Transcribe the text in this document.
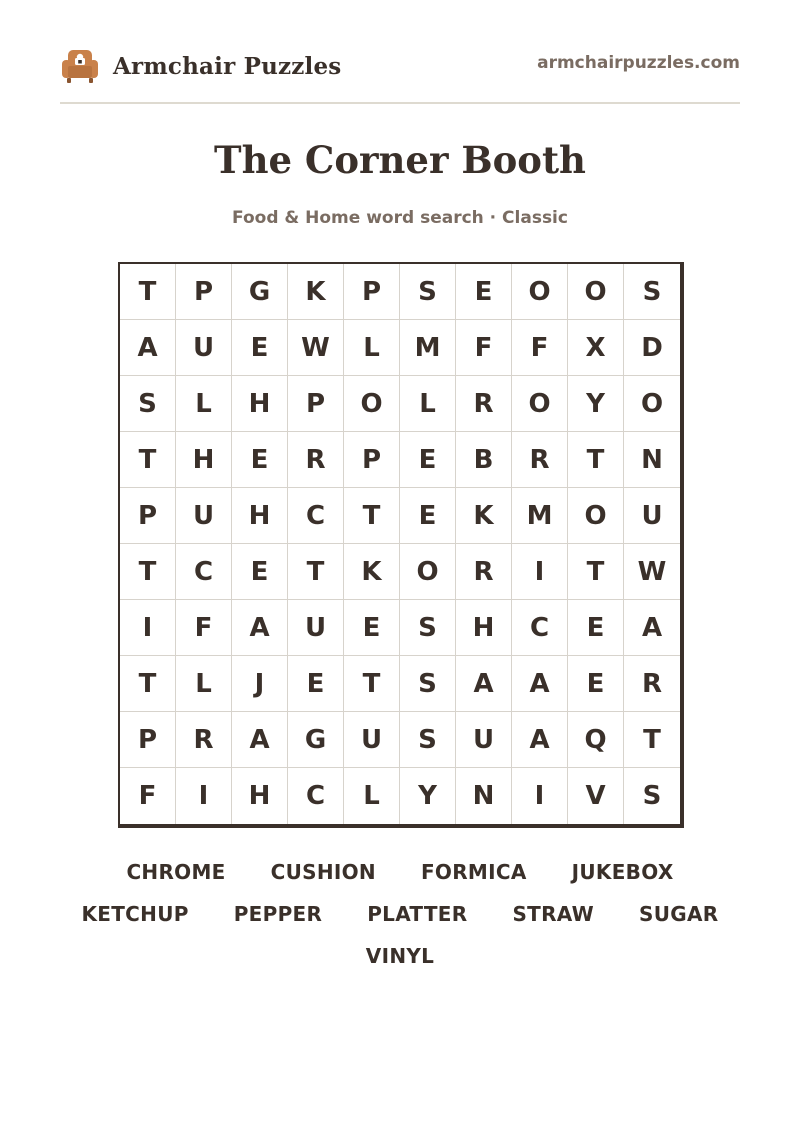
Armchair Puzzles	armchairpuzzles.com
The Corner Booth
Food & Home word search · Classic
T	P	G	K	P	S	E	O	O	S
A	U	E	W	L	M	F	F	X	D
S	L	H	P	O	L	R	O	Y	O
T	H	E	R	P	E	B	R	T	N
P	U	H	C	T	E	K	M	O	U
T	C	E	T	K	O	R	I	T	W
I	F	A	U	E	S	H	C	E	A
T	L	J	E	T	S	A	A	E	R
P	R	A	G	U	S	U	A	Q	T
F	I	H	C	L	Y	N	I	V	S
CHROME CUSHION FORMICA JUKEBOX
KETCHUP PEPPER PLATTER STRAW SUGAR
VINYL
